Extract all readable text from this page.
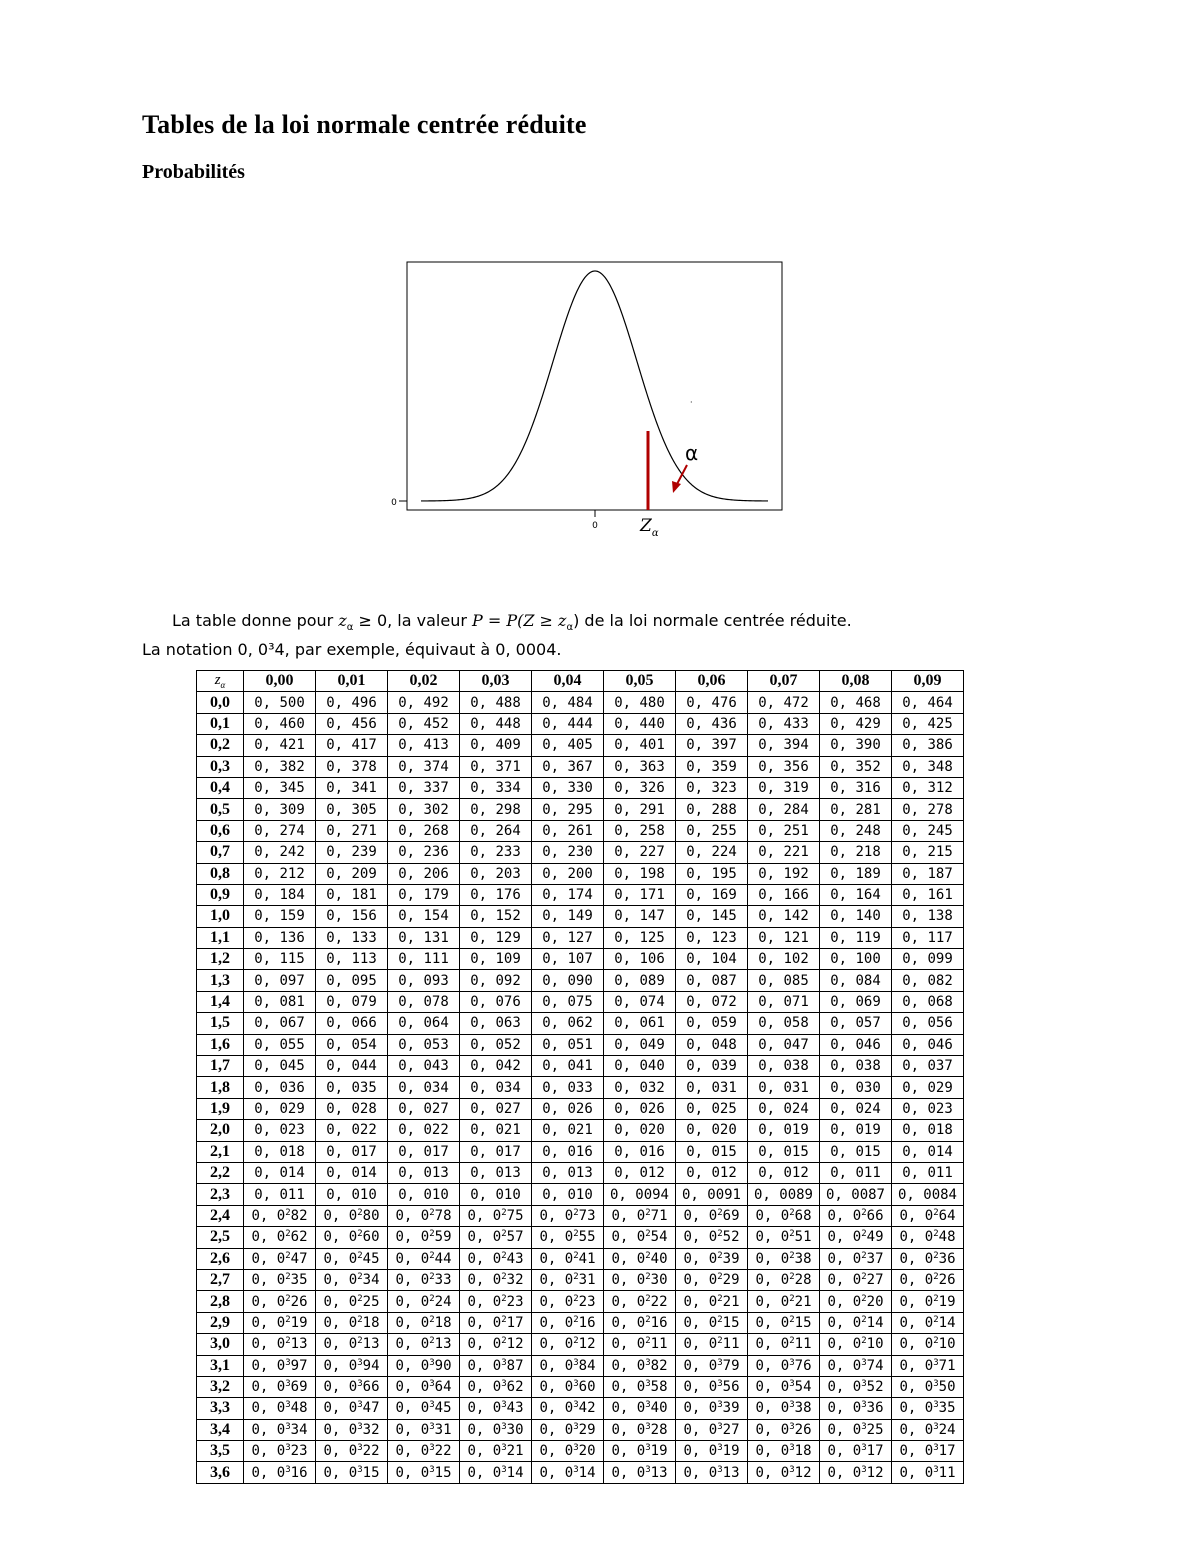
Tables de la loi normale centrée réduite
Probabilités
0
0
α
$Z_\alpha$
·
La table donne pour $z_\alpha \ge 0$, la valeur $P = P(Z \ge z_\alpha)$ de la loi normale centrée réduite.
La notation 0, 0³4, par exemple, équivaut à 0, 0004.
$z_\alpha$	0,00	0,01	0,02	0,03	0,04	0,05	0,06	0,07	0,08	0,09
0,0	0, 500	0, 496	0, 492	0, 488	0, 484	0, 480	0, 476	0, 472	0, 468	0, 464
0,1	0, 460	0, 456	0, 452	0, 448	0, 444	0, 440	0, 436	0, 433	0, 429	0, 425
0,2	0, 421	0, 417	0, 413	0, 409	0, 405	0, 401	0, 397	0, 394	0, 390	0, 386
0,3	0, 382	0, 378	0, 374	0, 371	0, 367	0, 363	0, 359	0, 356	0, 352	0, 348
0,4	0, 345	0, 341	0, 337	0, 334	0, 330	0, 326	0, 323	0, 319	0, 316	0, 312
0,5	0, 309	0, 305	0, 302	0, 298	0, 295	0, 291	0, 288	0, 284	0, 281	0, 278
0,6	0, 274	0, 271	0, 268	0, 264	0, 261	0, 258	0, 255	0, 251	0, 248	0, 245
0,7	0, 242	0, 239	0, 236	0, 233	0, 230	0, 227	0, 224	0, 221	0, 218	0, 215
0,8	0, 212	0, 209	0, 206	0, 203	0, 200	0, 198	0, 195	0, 192	0, 189	0, 187
0,9	0, 184	0, 181	0, 179	0, 176	0, 174	0, 171	0, 169	0, 166	0, 164	0, 161
1,0	0, 159	0, 156	0, 154	0, 152	0, 149	0, 147	0, 145	0, 142	0, 140	0, 138
1,1	0, 136	0, 133	0, 131	0, 129	0, 127	0, 125	0, 123	0, 121	0, 119	0, 117
1,2	0, 115	0, 113	0, 111	0, 109	0, 107	0, 106	0, 104	0, 102	0, 100	0, 099
1,3	0, 097	0, 095	0, 093	0, 092	0, 090	0, 089	0, 087	0, 085	0, 084	0, 082
1,4	0, 081	0, 079	0, 078	0, 076	0, 075	0, 074	0, 072	0, 071	0, 069	0, 068
1,5	0, 067	0, 066	0, 064	0, 063	0, 062	0, 061	0, 059	0, 058	0, 057	0, 056
1,6	0, 055	0, 054	0, 053	0, 052	0, 051	0, 049	0, 048	0, 047	0, 046	0, 046
1,7	0, 045	0, 044	0, 043	0, 042	0, 041	0, 040	0, 039	0, 038	0, 038	0, 037
1,8	0, 036	0, 035	0, 034	0, 034	0, 033	0, 032	0, 031	0, 031	0, 030	0, 029
1,9	0, 029	0, 028	0, 027	0, 027	0, 026	0, 026	0, 025	0, 024	0, 024	0, 023
2,0	0, 023	0, 022	0, 022	0, 021	0, 021	0, 020	0, 020	0, 019	0, 019	0, 018
2,1	0, 018	0, 017	0, 017	0, 017	0, 016	0, 016	0, 015	0, 015	0, 015	0, 014
2,2	0, 014	0, 014	0, 013	0, 013	0, 013	0, 012	0, 012	0, 012	0, 011	0, 011
2,3	0, 011	0, 010	0, 010	0, 010	0, 010	0, 0094	0, 0091	0, 0089	0, 0087	0, 0084
2,4	0, $0^282$	0, $0^280$	0, $0^278$	0, $0^275$	0, $0^273$	0, $0^271$	0, $0^269$	0, $0^268$	0, $0^266$	0, $0^264$
2,5	0, $0^262$	0, $0^260$	0, $0^259$	0, $0^257$	0, $0^255$	0, $0^254$	0, $0^252$	0, $0^251$	0, $0^249$	0, $0^248$
2,6	0, $0^247$	0, $0^245$	0, $0^244$	0, $0^243$	0, $0^241$	0, $0^240$	0, $0^239$	0, $0^238$	0, $0^237$	0, $0^236$
2,7	0, $0^235$	0, $0^234$	0, $0^233$	0, $0^232$	0, $0^231$	0, $0^230$	0, $0^229$	0, $0^228$	0, $0^227$	0, $0^226$
2,8	0, $0^226$	0, $0^225$	0, $0^224$	0, $0^223$	0, $0^223$	0, $0^222$	0, $0^221$	0, $0^221$	0, $0^220$	0, $0^219$
2,9	0, $0^219$	0, $0^218$	0, $0^218$	0, $0^217$	0, $0^216$	0, $0^216$	0, $0^215$	0, $0^215$	0, $0^214$	0, $0^214$
3,0	0, $0^213$	0, $0^213$	0, $0^213$	0, $0^212$	0, $0^212$	0, $0^211$	0, $0^211$	0, $0^211$	0, $0^210$	0, $0^210$
3,1	0, $0^397$	0, $0^394$	0, $0^390$	0, $0^387$	0, $0^384$	0, $0^382$	0, $0^379$	0, $0^376$	0, $0^374$	0, $0^371$
3,2	0, $0^369$	0, $0^366$	0, $0^364$	0, $0^362$	0, $0^360$	0, $0^358$	0, $0^356$	0, $0^354$	0, $0^352$	0, $0^350$
3,3	0, $0^348$	0, $0^347$	0, $0^345$	0, $0^343$	0, $0^342$	0, $0^340$	0, $0^339$	0, $0^338$	0, $0^336$	0, $0^335$
3,4	0, $0^334$	0, $0^332$	0, $0^331$	0, $0^330$	0, $0^329$	0, $0^328$	0, $0^327$	0, $0^326$	0, $0^325$	0, $0^324$
3,5	0, $0^323$	0, $0^322$	0, $0^322$	0, $0^321$	0, $0^320$	0, $0^319$	0, $0^319$	0, $0^318$	0, $0^317$	0, $0^317$
3,6	0, $0^316$	0, $0^315$	0, $0^315$	0, $0^314$	0, $0^314$	0, $0^313$	0, $0^313$	0, $0^312$	0, $0^312$	0, $0^311$
